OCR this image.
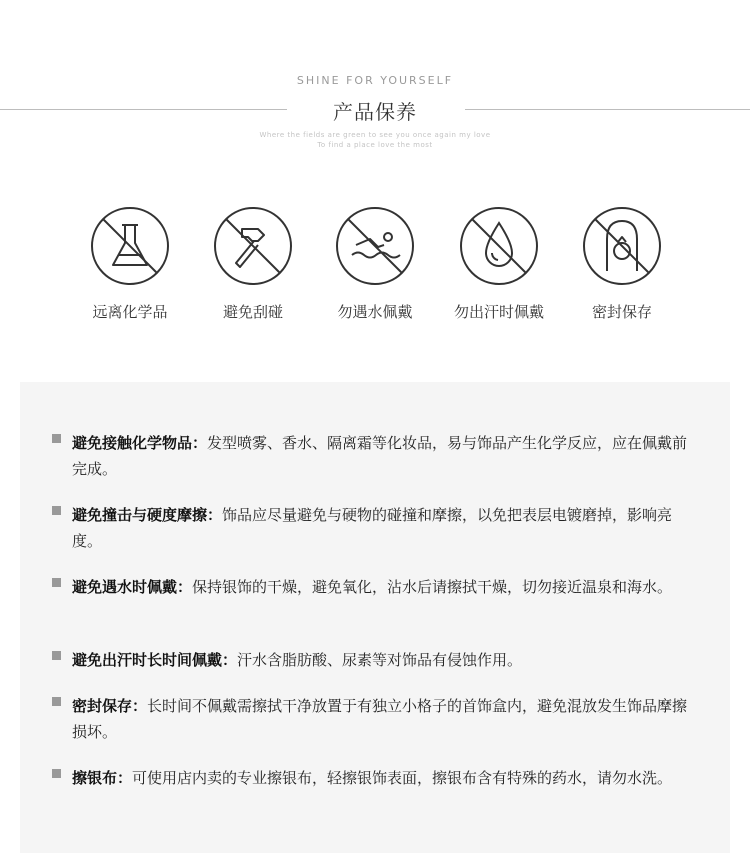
SHINE FOR YOURSELF
产品保养
Where the fields are green to see you once again my love
To find a place love the most
远离化学品	避免刮碰	勿遇水佩戴	勿出汗时佩戴	密封保存
避免接触化学物品：发型喷雾、香水、隔离霜等化妆品，易与饰品产生化学反应，应在佩戴前完成。
避免撞击与硬度摩擦：饰品应尽量避免与硬物的碰撞和摩擦，以免把表层电镀磨掉，影响亮度。
避免遇水时佩戴：保持银饰的干燥，避免氧化，沾水后请擦拭干燥，切勿接近温泉和海水。
避免出汗时长时间佩戴：汗水含脂肪酸、尿素等对饰品有侵蚀作用。
密封保存：长时间不佩戴需擦拭干净放置于有独立小格子的首饰盒内，避免混放发生饰品摩擦损坏。
擦银布：可使用店内卖的专业擦银布，轻擦银饰表面，擦银布含有特殊的药水，请勿水洗。
